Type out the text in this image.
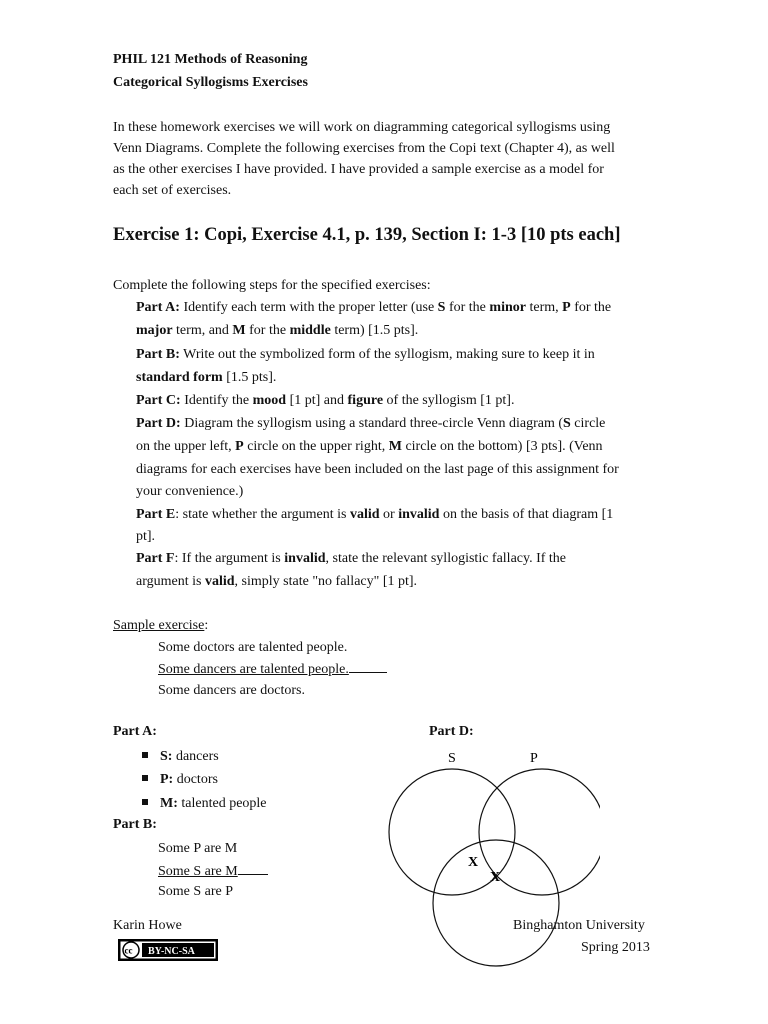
PHIL 121 Methods of Reasoning
Categorical Syllogisms Exercises
In these homework exercises we will work on diagramming categorical syllogisms using
Venn Diagrams. Complete the following exercises from the Copi text (Chapter 4), as well
as the other exercises I have provided. I have provided a sample exercise as a model for
each set of exercises.
Exercise 1: Copi, Exercise 4.1, p. 139, Section I: 1-3 [10 pts each]
Complete the following steps for the specified exercises:
Part A: Identify each term with the proper letter (use S for the minor term, P for the
major term, and M for the middle term) [1.5 pts].
Part B: Write out the symbolized form of the syllogism, making sure to keep it in
standard form [1.5 pts].
Part C: Identify the mood [1 pt] and figure of the syllogism [1 pt].
Part D: Diagram the syllogism using a standard three-circle Venn diagram (S circle
on the upper left, P circle on the upper right, M circle on the bottom) [3 pts]. (Venn
diagrams for each exercises have been included on the last page of this assignment for
your convenience.)
Part E: state whether the argument is valid or invalid on the basis of that diagram [1
pt].
Part F: If the argument is invalid, state the relevant syllogistic fallacy. If the
argument is valid, simply state "no fallacy" [1 pt].
Sample exercise:
Some doctors are talented people.
Some dancers are talented people.
Some dancers are doctors.
Part A:
S: dancers
P: doctors
M: talented people
Part B:
Some P are M
Some S are M
Some S are P
Part D:
S	P
X
X
Karin Howe	Binghamton University
Spring 2013
cc BY-NC-SA
